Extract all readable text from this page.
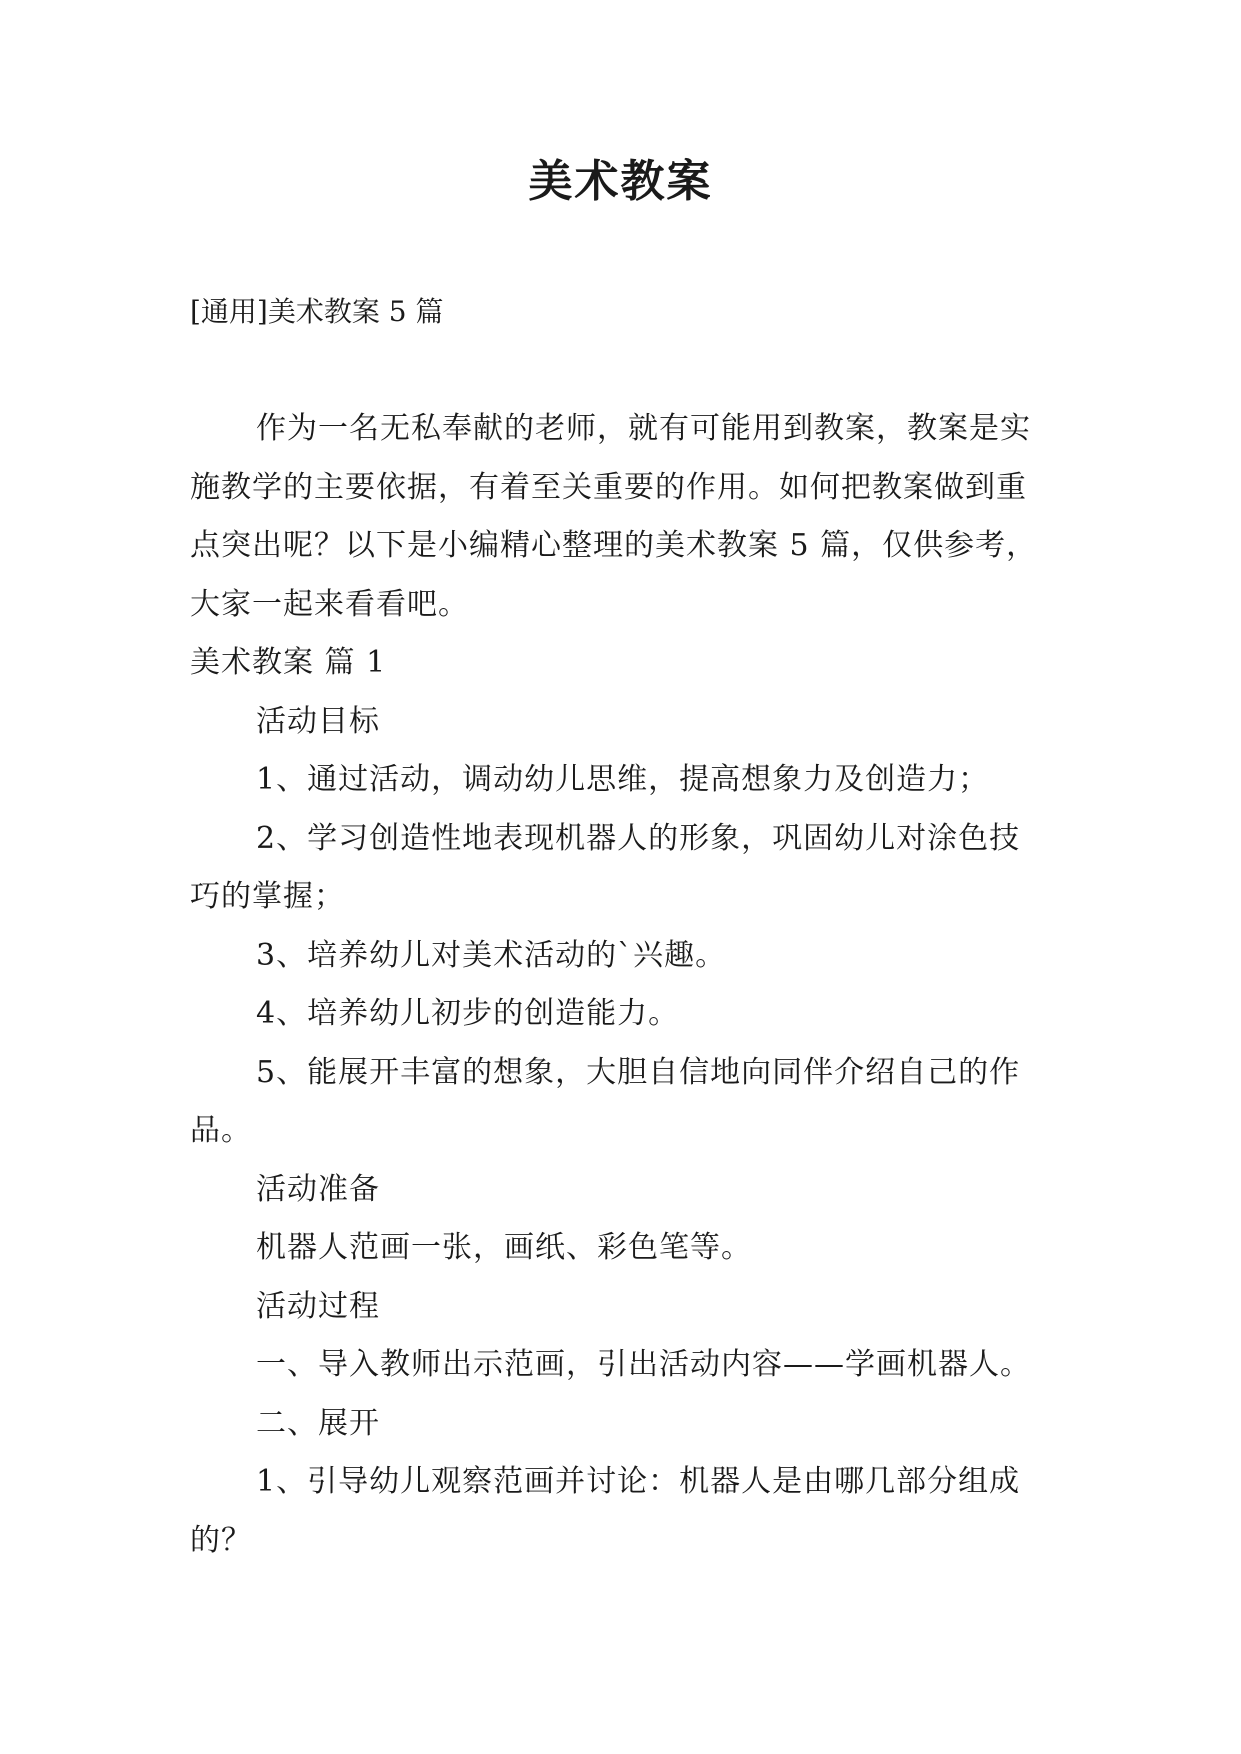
美术教案
[通用]美术教案 5 篇

作为一名无私奉献的老师，就有可能用到教案，教案是实施教学的主要依据，有着至关重要的作用。如何把教案做到重点突出呢？以下是小编精心整理的美术教案 5 篇，仅供参考，大家一起来看看吧。

美术教案 篇 1

活动目标

1、通过活动，调动幼儿思维，提高想象力及创造力；

2、学习创造性地表现机器人的形象，巩固幼儿对涂色技巧的掌握；

3、培养幼儿对美术活动的`兴趣。

4、培养幼儿初步的创造能力。

5、能展开丰富的想象，大胆自信地向同伴介绍自己的作品。

活动准备

机器人范画一张，画纸、彩色笔等。

活动过程

一、导入教师出示范画，引出活动内容——学画机器人。

二、展开

1、引导幼儿观察范画并讨论：机器人是由哪几部分组成的？
